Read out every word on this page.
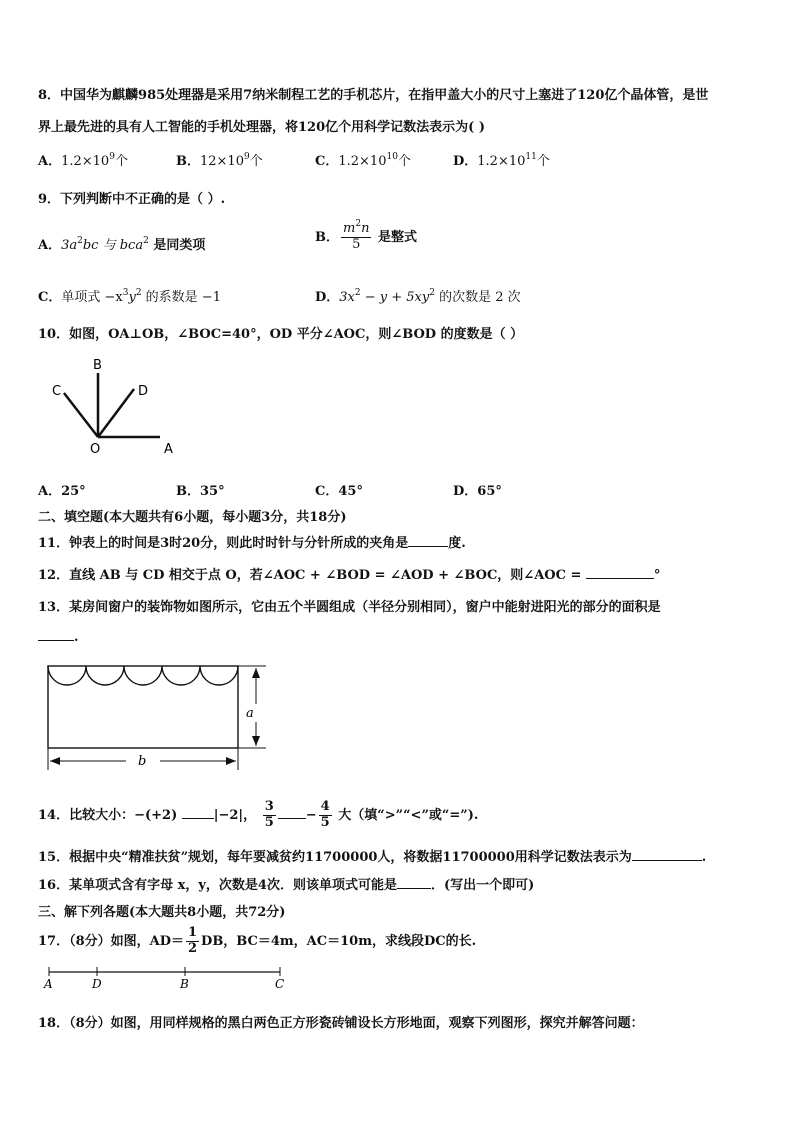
8．中国华为麒麟985处理器是采用7纳米制程工艺的手机芯片，在指甲盖大小的尺寸上塞进了120亿个晶体管，是世
界上最先进的具有人工智能的手机处理器，将120亿个用科学记数法表示为( )
A．$1.2\times 10^9$个	B．$12\times 10^9$个	C．$1.2\times 10^{10}$个	D．$1.2\times 10^{11}$个
9．下列判断中不正确的是（ ）.
A．$3a^2bc$ 与 bca$^2$ 是同类项
B． $\frac{m^2n}{5}$ 是整式
C．单项式 $-x^3y^2$ 的系数是 −1	D．$3x^2 - y + 5xy^2$ 的次数是 2 次
10．如图，OA⊥OB，∠BOC=40°，OD 平分∠AOC，则∠BOD 的度数是（ ）
B
C	D
O	A
A．25°	B．35°	C．45°	D．65°
二、填空题(本大题共有6小题，每小题3分，共18分)
11．钟表上的时间是3时20分，则此时时针与分针所成的夹角是	度.
12．直线 AB 与 CD 相交于点 O，若∠AOC + ∠BOD = ∠AOD + ∠BOC，则∠AOC =	°
13．某房间窗户的装饰物如图所示，它由五个半圆组成（半径分别相同），窗户中能射进阳光的部分的面积是
.
a
b
14．比较大小：−(+2)	|−2|， $\frac{3}{5} - \frac{4}{5}$ 大（填“>”“<”或“=”).
15．根据中央“精准扶贫”规划，每年要减贫约11700000人，将数据11700000用科学记数法表示为	.
16．某单项式含有字母 x，y，次数是4次．则该单项式可能是	．(写出一个即可)
三、解下列各题(本大题共8小题，共72分)
17．（8分）如图，$AD= \frac{1}{2}$ DB，BC＝4m，AC＝10m，求线段DC的长.
A	D	B	C
18．（8分）如图，用同样规格的黑白两色正方形瓷砖铺设长方形地面，观察下列图形，探究并解答问题：
